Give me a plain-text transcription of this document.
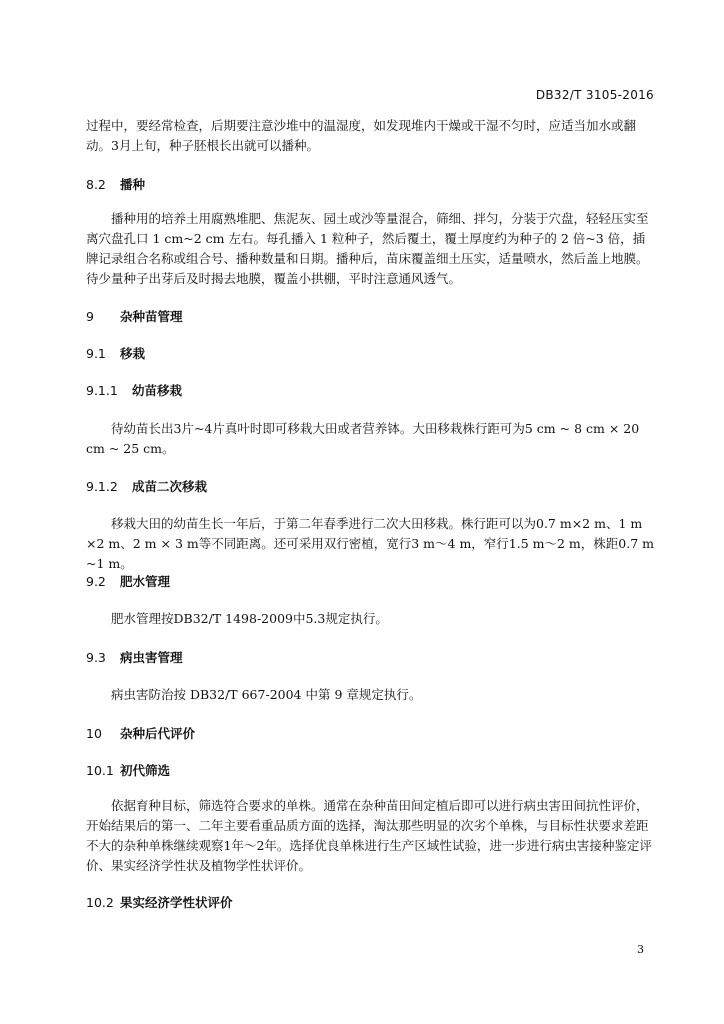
DB32/T 3105-2016

过程中，要经常检查，后期要注意沙堆中的温湿度，如发现堆内干燥或干湿不匀时，应适当加水或翻动。3月上旬，种子胚根长出就可以播种。

8.2 播种

播种用的培养土用腐熟堆肥、焦泥灰、园土或沙等量混合，筛细、拌匀，分装于穴盘，轻轻压实至离穴盘孔口 1 cm~2 cm 左右。每孔播入 1 粒种子，然后覆土，覆土厚度约为种子的 2 倍~3 倍，插牌记录组合名称或组合号、播种数量和日期。播种后，苗床覆盖细土压实，适量喷水，然后盖上地膜。待少量种子出芽后及时揭去地膜，覆盖小拱棚，平时注意通风透气。

9 杂种苗管理

9.1 移栽

9.1.1 幼苗移栽

待幼苗长出3片~4片真叶时即可移栽大田或者营养钵。大田移栽株行距可为5 cm ~ 8 cm × 20 cm ~ 25 cm。

9.1.2 成苗二次移栽

移栽大田的幼苗生长一年后，于第二年春季进行二次大田移栽。株行距可以为0.7 m×2 m、1 m ×2 m、2 m × 3 m等不同距离。还可采用双行密植，宽行3 m～4 m，窄行1.5 m～2 m，株距0.7 m ~1 m。

9.2 肥水管理

肥水管理按DB32/T 1498-2009中5.3规定执行。

9.3 病虫害管理

病虫害防治按 DB32/T 667-2004 中第 9 章规定执行。

10 杂种后代评价

10.1 初代筛选

依据育种目标，筛选符合要求的单株。通常在杂种苗田间定植后即可以进行病虫害田间抗性评价，开始结果后的第一、二年主要看重品质方面的选择，淘汰那些明显的次劣个单株，与目标性状要求差距不大的杂种单株继续观察1年～2年。选择优良单株进行生产区域性试验，进一步进行病虫害接种鉴定评价、果实经济学性状及植物学性状评价。

10.2 果实经济学性状评价

3
